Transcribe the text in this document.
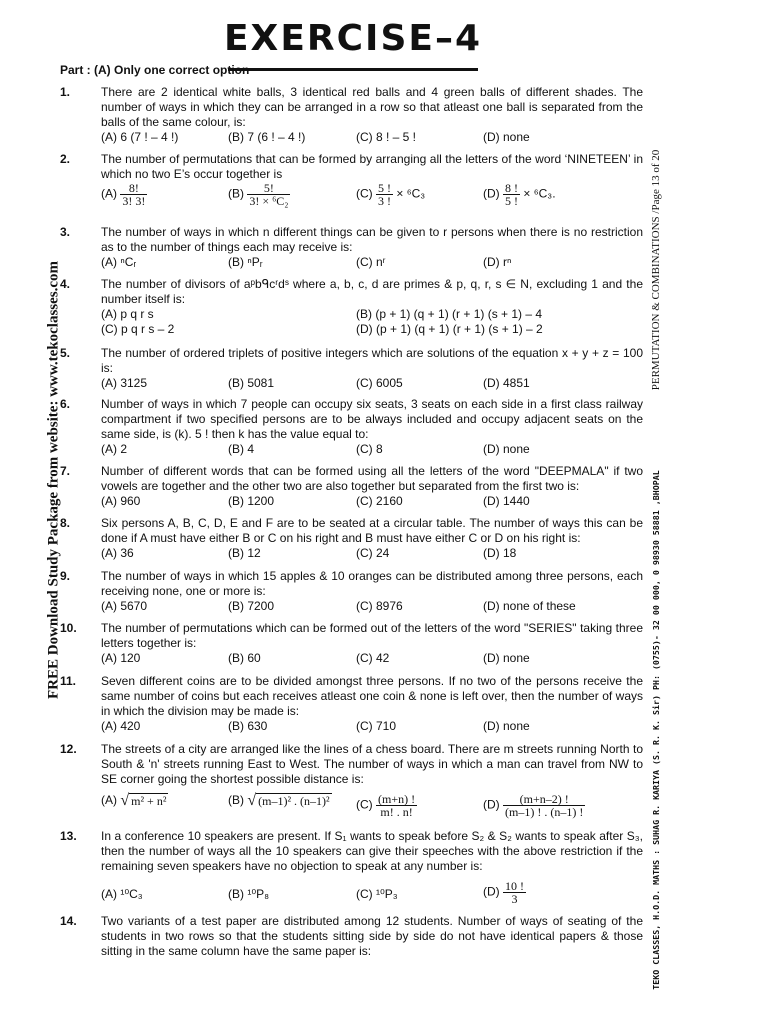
EXERCISE–4
Part : (A) Only one correct option
FREE Download Study Package from website: www.tekoclasses.com	PERMUTATION & COMBINATIONS /Page 13 of 20
TEKO CLASSES, H.O.D. MATHS : SUHAG R. KARIYA (S. R. K. Sir) PH: (0755)- 32 00 000, 0 98930 58881 ,BHOPAL
1.	There are 2 identical white balls, 3 identical red balls and 4 green balls of different shades. The number of ways in which they can be arranged in a row so that atleast one ball is separated from the balls of the same colour, is:
(A) 6 (7 ! – 4 !)	(B) 7 (6 ! – 4 !)	(C) 8 ! – 5 !	(D) none
2.	The number of permutations that can be formed by arranging all the letters of the word ‘NINETEEN’ in which no two E’s occur together is
$(A) \frac{8!}{3! 3!}$	$(B) \frac{5!}{\text{3! × ⁶C₂}}$	$(C) \frac{5 !}{3 !} \times ^6C_3$	$(D) \frac{8 !}{5 !} \times ^6C_3$.
3.	The number of ways in which n different things can be given to r persons when there is no restriction as to the number of things each may receive is:
(A) ⁿCᵣ	(B) ⁿPᵣ	(C) nʳ	(D) rⁿ
4.	The number of divisors of aᵖbᑫcʳdˢ where a, b, c, d are primes & p, q, r, s ∈ N, excluding 1 and the number itself is:
(A) p q r s	(B) (p + 1) (q + 1) (r + 1) (s + 1) – 4
(C) p q r s – 2	(D) (p + 1) (q + 1) (r + 1) (s + 1) – 2
5.	The number of ordered triplets of positive integers which are solutions of the equation x + y + z = 100 is:
(A) 3125	(B) 5081	(C) 6005	(D) 4851
6.	Number of ways in which 7 people can occupy six seats, 3 seats on each side in a first class railway compartment if two specified persons are to be always included and occupy adjacent seats on the same side, is (k). 5 ! then k has the value equal to:
(A) 2	(B) 4	(C) 8	(D) none
7.	Number of different words that can be formed using all the letters of the word "DEEPMALA" if two vowels are together and the other two are also together but separated from the first two is:
(A) 960	(B) 1200	(C) 2160	(D) 1440
8.	Six persons A, B, C, D, E and F are to be seated at a circular table. The number of ways this can be done if A must have either B or C on his right and B must have either C or D on his right is:
(A) 36	(B) 12	(C) 24	(D) 18
9.	The number of ways in which 15 apples & 10 oranges can be distributed among three persons, each receiving none, one or more is:
(A) 5670	(B) 7200	(C) 8976	(D) none of these
10. The number of permutations which can be formed out of the letters of the word "SERIES" taking three letters together is:
(A) 120	(B) 60	(C) 42	(D) none
11. Seven different coins are to be divided amongst three persons. If no two of the persons receive the same number of coins but each receives atleast one coin & none is left over, then the number of ways in which the division may be made is:
(A) 420	(B) 630	(C) 710	(D) none
12. The streets of a city are arranged like the lines of a chess board. There are m streets running North to South & 'n' streets running East to West. The number of ways in which a man can travel from NW to SE corner going the shortest possible distance is:
(A) √ m² + n²	(B) √ (m–1)² . (n–1)² $(C) \frac{(m+n) !}{m! . n!}$	$(D) \frac{(m+n-2) !}{(m-1) ! . (n-1) !}$
13. In a conference 10 speakers are present. If S₁ wants to speak before S₂ & S₂ wants to speak after S₃, then the number of ways all the 10 speakers can give their speeches with the above restriction if the remaining seven speakers have no objection to speak at any number is:
(A) ¹⁰C₃	(B) ¹⁰P₈	(C) ¹⁰P₃	$(D) \frac{10 !}{3}$
14. Two variants of a test paper are distributed among 12 students. Number of ways of seating of the students in two rows so that the students sitting side by side do not have identical papers & those sitting in the same column have the same paper is:
